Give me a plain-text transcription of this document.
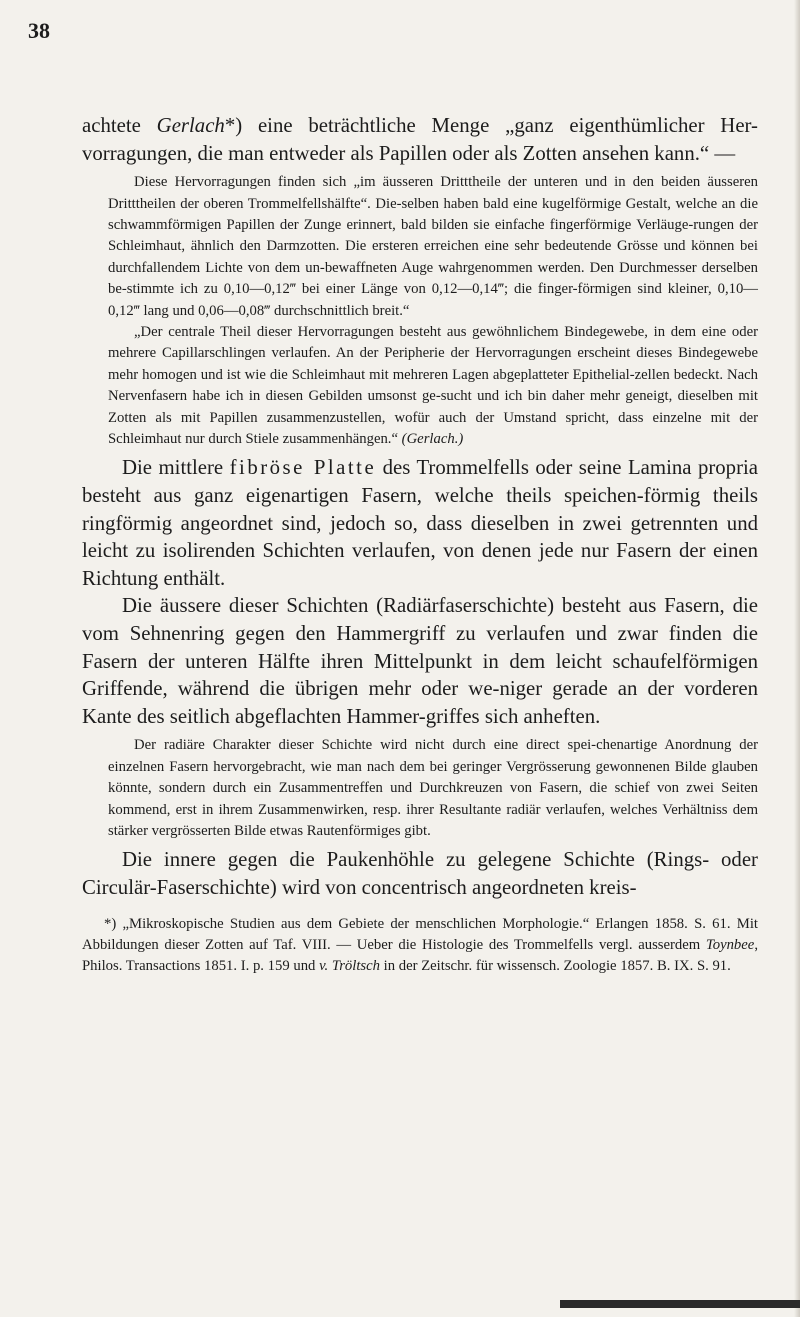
38

achtete Gerlach*) eine beträchtliche Menge „ganz eigenthümlicher Her-vorragungen, die man entweder als Papillen oder als Zotten ansehen kann.“ —

Diese Hervorragungen finden sich „im äusseren Dritttheile der unteren und in den beiden äusseren Dritttheilen der oberen Trommelfellshälfte“. Die-selben haben bald eine kugelförmige Gestalt, welche an die schwammförmigen Papillen der Zunge erinnert, bald bilden sie einfache fingerförmige Verläuge-rungen der Schleimhaut, ähnlich den Darmzotten. Die ersteren erreichen eine sehr bedeutende Grösse und können bei durchfallendem Lichte von dem un-bewaffneten Auge wahrgenommen werden. Den Durchmesser derselben be-stimmte ich zu 0,10—0,12‴ bei einer Länge von 0,12—0,14‴; die finger-förmigen sind kleiner, 0,10—0,12‴ lang und 0,06—0,08‴ durchschnittlich breit.“

„Der centrale Theil dieser Hervorragungen besteht aus gewöhnlichem Bindegewebe, in dem eine oder mehrere Capillarschlingen verlaufen. An der Peripherie der Hervorragungen erscheint dieses Bindegewebe mehr homogen und ist wie die Schleimhaut mit mehreren Lagen abgeplatteter Epithelial-zellen bedeckt. Nach Nervenfasern habe ich in diesen Gebilden umsonst ge-sucht und ich bin daher mehr geneigt, dieselben mit Zotten als mit Papillen zusammenzustellen, wofür auch der Umstand spricht, dass einzelne mit der Schleimhaut nur durch Stiele zusammenhängen.“ (Gerlach.)

Die mittlere fibröse Platte des Trommelfells oder seine Lamina propria besteht aus ganz eigenartigen Fasern, welche theils speichen-förmig theils ringförmig angeordnet sind, jedoch so, dass dieselben in zwei getrennten und leicht zu isolirenden Schichten verlaufen, von denen jede nur Fasern der einen Richtung enthält.

Die äussere dieser Schichten (Radiärfaserschichte) besteht aus Fasern, die vom Sehnenring gegen den Hammergriff zu verlaufen und zwar finden die Fasern der unteren Hälfte ihren Mittelpunkt in dem leicht schaufelförmigen Griffende, während die übrigen mehr oder we-niger gerade an der vorderen Kante des seitlich abgeflachten Hammer-griffes sich anheften.

Der radiäre Charakter dieser Schichte wird nicht durch eine direct spei-chenartige Anordnung der einzelnen Fasern hervorgebracht, wie man nach dem bei geringer Vergrösserung gewonnenen Bilde glauben könnte, sondern durch ein Zusammentreffen und Durchkreuzen von Fasern, die schief von zwei Seiten kommend, erst in ihrem Zusammenwirken, resp. ihrer Resultante radiär verlaufen, welches Verhältniss dem stärker vergrösserten Bilde etwas Rautenförmiges gibt.

Die innere gegen die Paukenhöhle zu gelegene Schichte (Rings- oder Circulär-Faserschichte) wird von concentrisch angeordneten kreis-

*) „Mikroskopische Studien aus dem Gebiete der menschlichen Morphologie.“ Erlangen 1858. S. 61. Mit Abbildungen dieser Zotten auf Taf. VIII. — Ueber die Histologie des Trommelfells vergl. ausserdem Toynbee, Philos. Transactions 1851. I. p. 159 und v. Tröltsch in der Zeitschr. für wissensch. Zoologie 1857. B. IX. S. 91.
